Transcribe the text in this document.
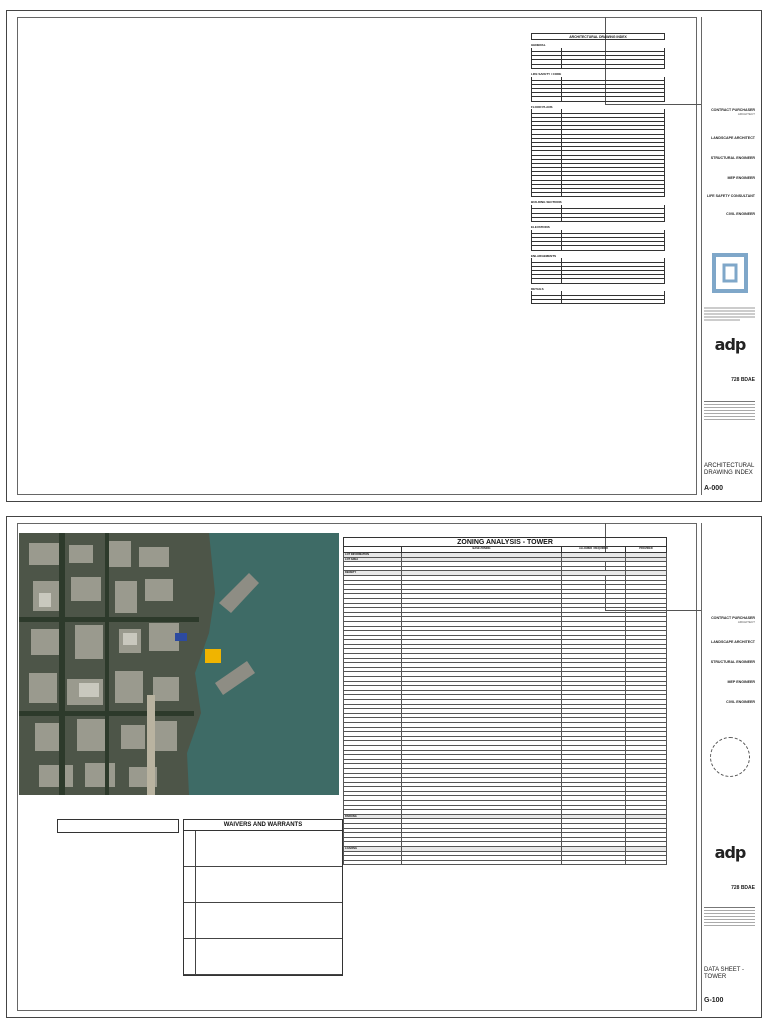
ARCHITECTURAL DRAWING INDEX
GENERAL
LIFE SAFETY / CODE
FLOOR PLANS
BUILDING SECTIONS
ELEVATIONS
ENLARGEMENTS
DETAILS
CONTRACT PURCHASER
ARCHITECT
LANDSCAPE ARCHITECT
STRUCTURAL ENGINEER
MEP ENGINEER
LIFE SAFETY CONSULTANT
CIVIL ENGINEER
adp
728 BDAE
ARCHITECTURAL DRAWING INDEX
A-000
ZONING ANALYSIS - TOWER
BASE ZONING	ALLOWED / REQUIRED	PROVIDED
LOT INFORMATION
LOT AREA
DENSITY
PARKING
LOADING

WAIVERS AND WARRANTS
CONTRACT PURCHASER
ARCHITECT
LANDSCAPE ARCHITECT
STRUCTURAL ENGINEER
MEP ENGINEER
CIVIL ENGINEER
adp
728 BDAE
DATA SHEET - TOWER
G-100
